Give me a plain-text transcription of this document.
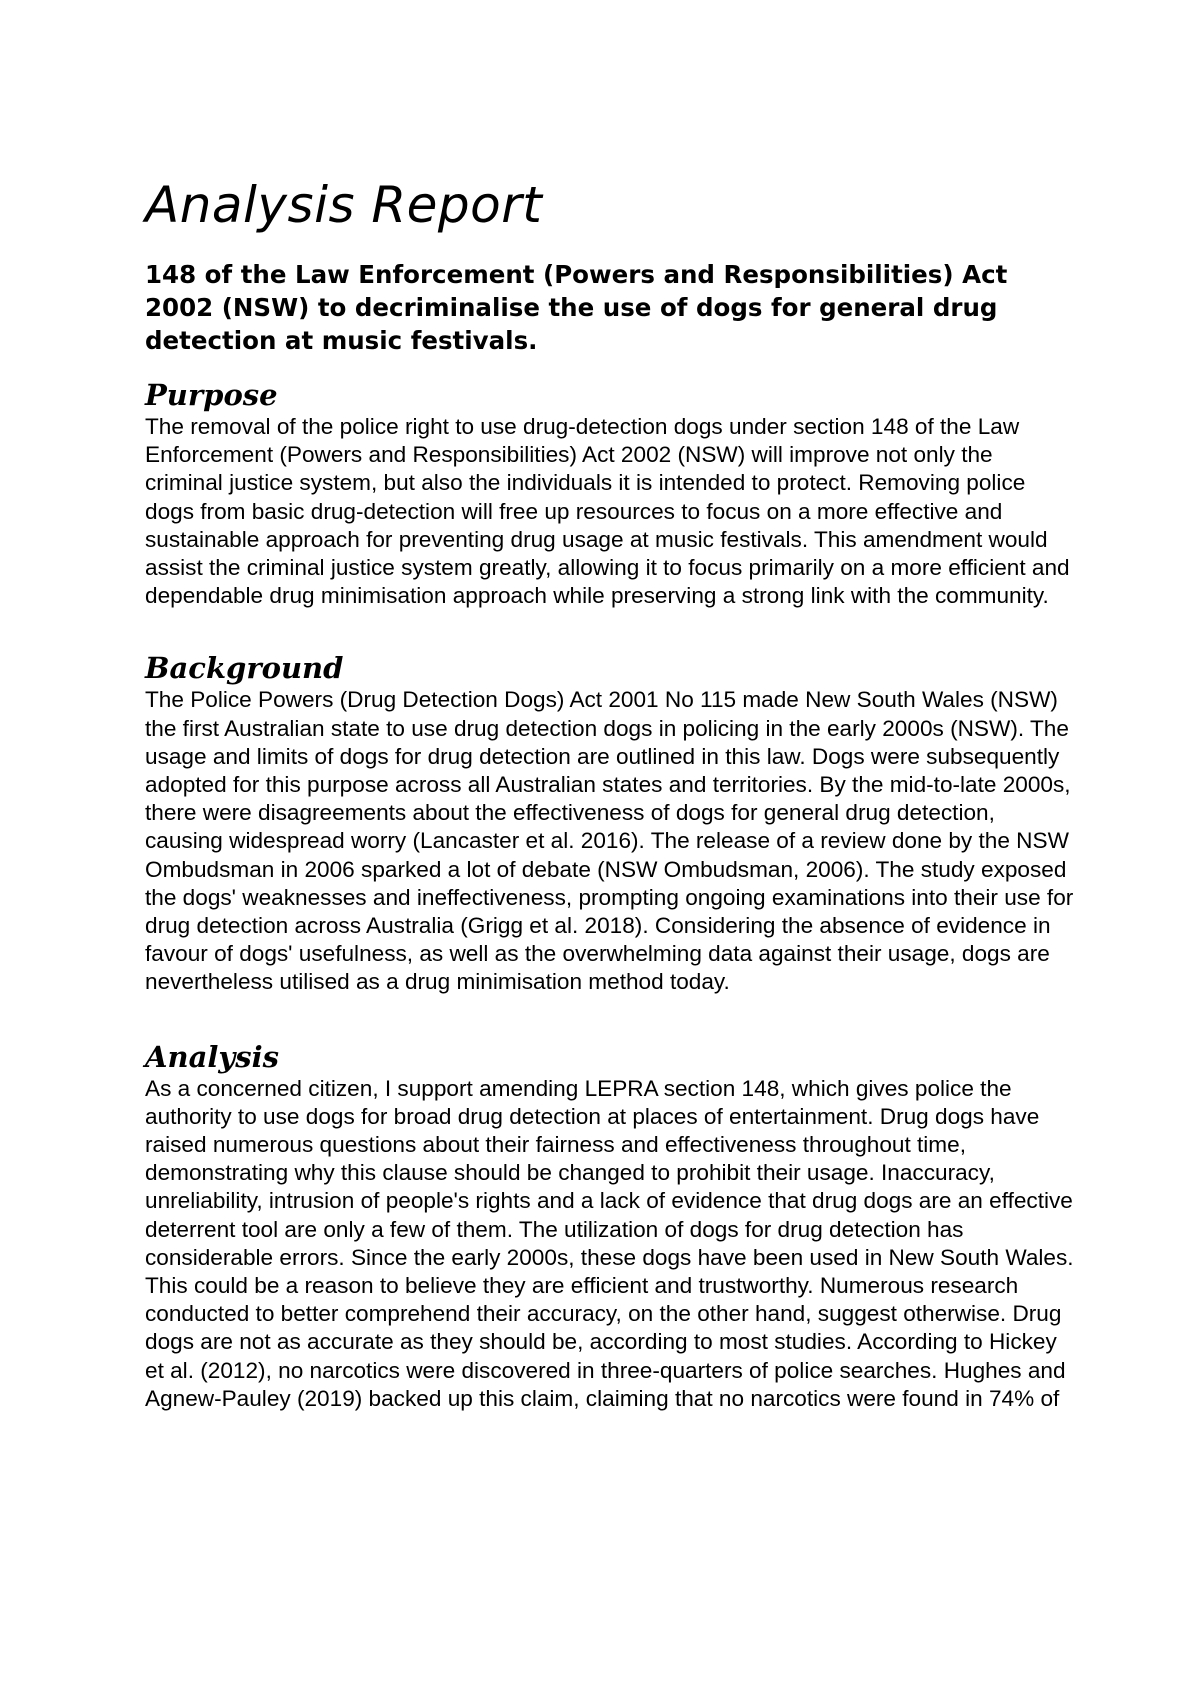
Analysis Report

148 of the Law Enforcement (Powers and Responsibilities) Act 2002 (NSW) to decriminalise the use of dogs for general drug detection at music festivals.

Purpose

The removal of the police right to use drug-detection dogs under section 148 of the Law Enforcement (Powers and Responsibilities) Act 2002 (NSW) will improve not only the criminal justice system, but also the individuals it is intended to protect. Removing police dogs from basic drug-detection will free up resources to focus on a more effective and sustainable approach for preventing drug usage at music festivals. This amendment would assist the criminal justice system greatly, allowing it to focus primarily on a more efficient and dependable drug minimisation approach while preserving a strong link with the community.

Background

The Police Powers (Drug Detection Dogs) Act 2001 No 115 made New South Wales (NSW) the first Australian state to use drug detection dogs in policing in the early 2000s (NSW). The usage and limits of dogs for drug detection are outlined in this law. Dogs were subsequently adopted for this purpose across all Australian states and territories. By the mid-to-late 2000s, there were disagreements about the effectiveness of dogs for general drug detection, causing widespread worry (Lancaster et al. 2016). The release of a review done by the NSW Ombudsman in 2006 sparked a lot of debate (NSW Ombudsman, 2006). The study exposed the dogs' weaknesses and ineffectiveness, prompting ongoing examinations into their use for drug detection across Australia (Grigg et al. 2018). Considering the absence of evidence in favour of dogs' usefulness, as well as the overwhelming data against their usage, dogs are nevertheless utilised as a drug minimisation method today.

Analysis

As a concerned citizen, I support amending LEPRA section 148, which gives police the authority to use dogs for broad drug detection at places of entertainment. Drug dogs have raised numerous questions about their fairness and effectiveness throughout time, demonstrating why this clause should be changed to prohibit their usage. Inaccuracy, unreliability, intrusion of people's rights and a lack of evidence that drug dogs are an effective deterrent tool are only a few of them. The utilization of dogs for drug detection has considerable errors. Since the early 2000s, these dogs have been used in New South Wales. This could be a reason to believe they are efficient and trustworthy. Numerous research conducted to better comprehend their accuracy, on the other hand, suggest otherwise. Drug dogs are not as accurate as they should be, according to most studies. According to Hickey et al. (2012), no narcotics were discovered in three-quarters of police searches. Hughes and Agnew-Pauley (2019) backed up this claim, claiming that no narcotics were found in 74% of
